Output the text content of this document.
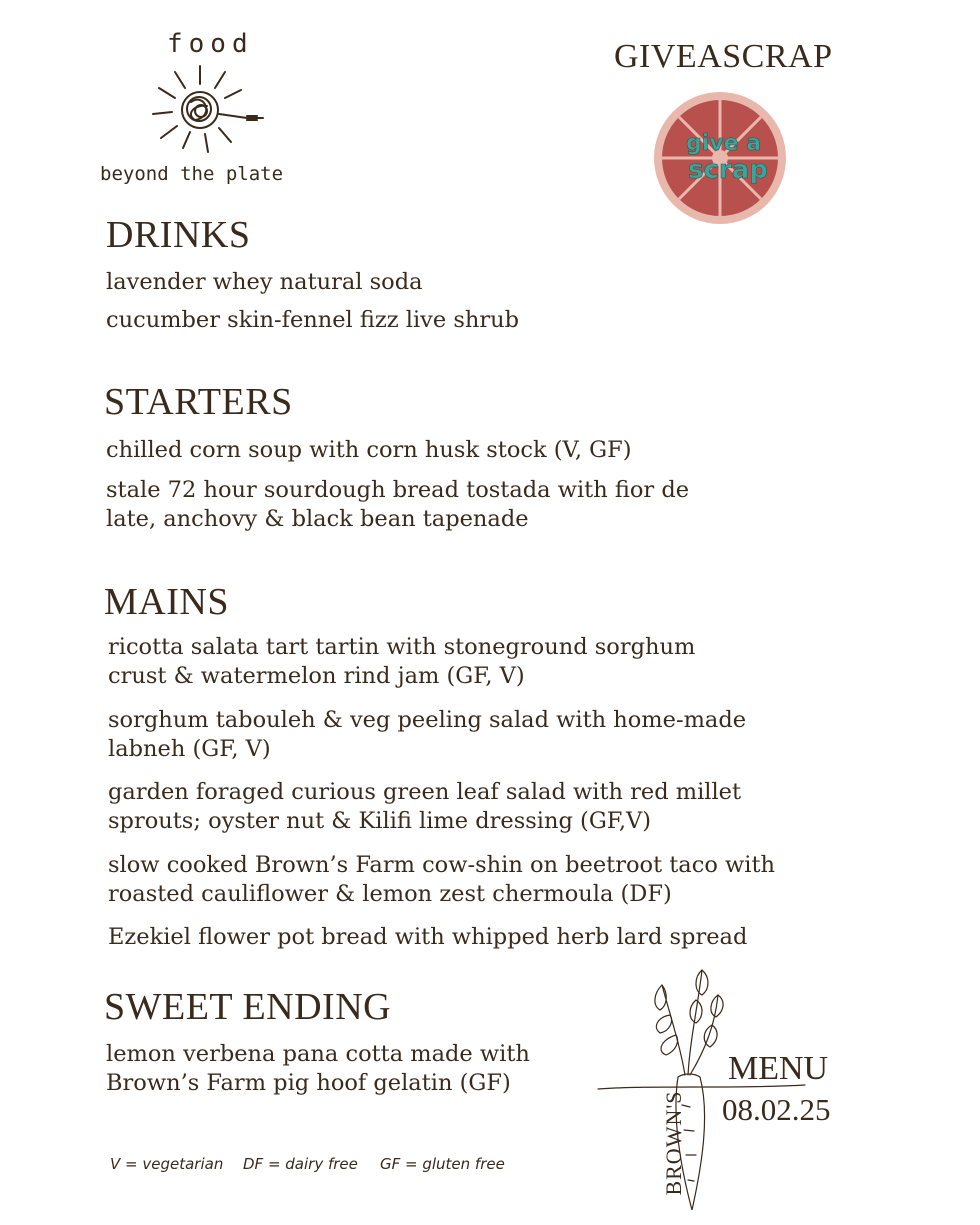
food
beyond the plate
GIVEASCRAP
give a
scrap
DRINKS
lavender whey natural soda
cucumber skin-fennel fizz live shrub
STARTERS
chilled corn soup with corn husk stock (V, GF)
stale 72 hour sourdough bread tostada with fior de late, anchovy & black bean tapenade
MAINS
ricotta salata tart tartin with stoneground sorghum crust & watermelon rind jam (GF, V)
sorghum tabouleh & veg peeling salad with home-made labneh (GF, V)
garden foraged curious green leaf salad with red millet sprouts; oyster nut & Kilifi lime dressing (GF,V)
slow cooked Brown’s Farm cow-shin on beetroot taco with roasted cauliflower & lemon zest chermoula (DF)
Ezekiel flower pot bread with whipped herb lard spread
SWEET ENDING
lemon verbena pana cotta made with Brown’s Farm pig hoof gelatin (GF)
V = vegetarian DF = dairy free GF = gluten free
MENU
08.02.25
BROWN'S
